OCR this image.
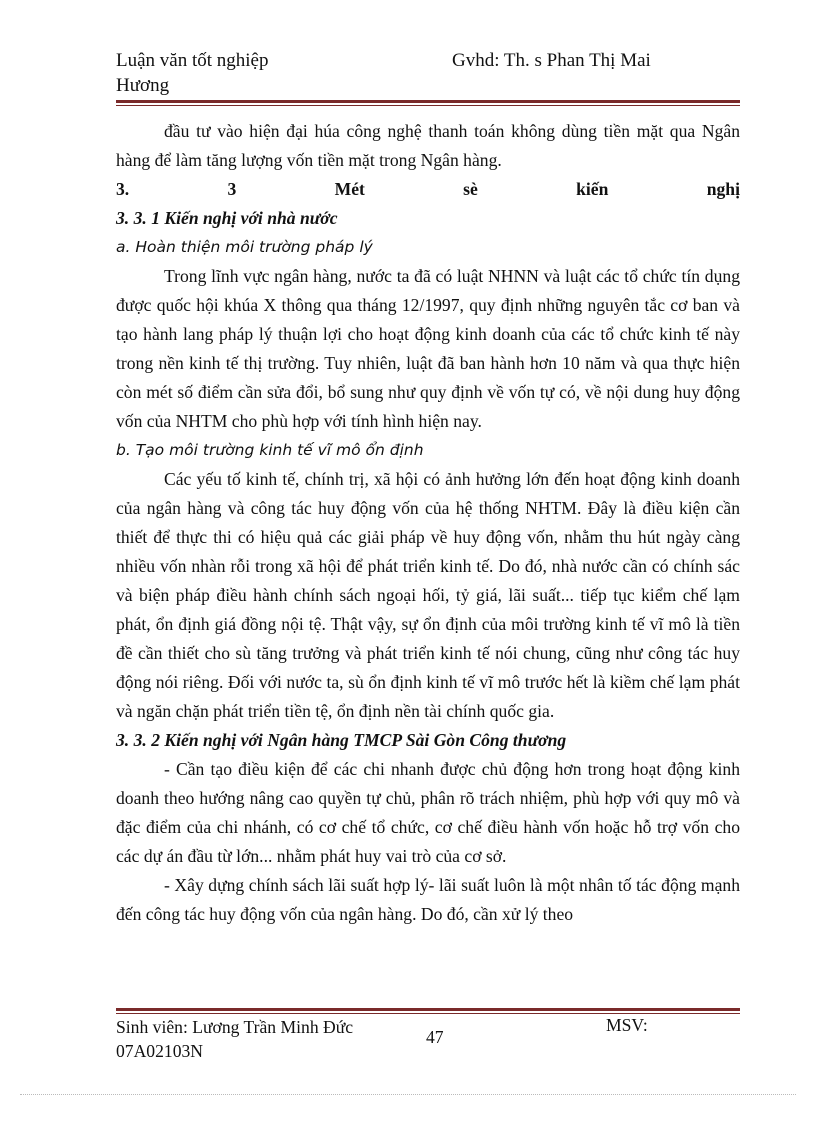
Luận văn tốt nghiệp	Gvhd: Th. s Phan Thị Mai
Hương

đầu tư vào hiện đại húa công nghệ thanh toán không dùng tiền mặt qua Ngân hàng để làm tăng lượng vốn tiền mặt trong Ngân hàng.

3.	3	Mét	sè	kiến	nghị

3. 3. 1 Kiến nghị với nhà nước

a. Hoàn thiện môi trường pháp lý

Trong lĩnh vực ngân hàng, nước ta đã có luật NHNN và luật các tổ chức tín dụng được quốc hội khúa X thông qua tháng 12/1997, quy định những nguyên tắc cơ ban và tạo hành lang pháp lý thuận lợi cho hoạt động kinh doanh của các tổ chức kinh tế này trong nền kinh tế thị trường. Tuy nhiên, luật đã ban hành hơn 10 năm và qua thực hiện còn mét số điểm cần sửa đổi, bổ sung như quy định về vốn tự có, về nội dung huy động vốn của NHTM cho phù hợp với tính hình hiện nay.

b. Tạo môi trường kinh tế vĩ mô ổn định

Các yếu tố kinh tế, chính trị, xã hội có ảnh hưởng lớn đến hoạt động kinh doanh của ngân hàng và công tác huy động vốn của hệ thống NHTM. Đây là điều kiện cần thiết để thực thi có hiệu quả các giải pháp về huy động vốn, nhằm thu hút ngày càng nhiều vốn nhàn rỗi trong xã hội để phát triển kinh tế. Do đó, nhà nước cần có chính sác và biện pháp điều hành chính sách ngoại hối, tỷ giá, lãi suất... tiếp tục kiểm chế lạm phát, ổn định giá đồng nội tệ. Thật vậy, sự ổn định của môi trường kinh tế vĩ mô là tiền đề cần thiết cho sù tăng trưởng và phát triển kinh tế nói chung, cũng như công tác huy động nói riêng. Đối với nước ta, sù ổn định kinh tế vĩ mô trước hết là kiềm chế lạm phát và ngăn chặn phát triển tiền tệ, ổn định nền tài chính quốc gia.

3. 3. 2 Kiến nghị với Ngân hàng TMCP Sài Gòn Công thương

- Cần tạo điều kiện để các chi nhanh được chủ động hơn trong hoạt động kinh doanh theo hướng nâng cao quyền tự chủ, phân rõ trách nhiệm, phù hợp với quy mô và đặc điểm của chi nhánh, có cơ chế tổ chức, cơ chế điều hành vốn hoặc hỗ trợ vốn cho các dự án đầu từ lớn... nhằm phát huy vai trò của cơ sở.

- Xây dựng chính sách lãi suất hợp lý- lãi suất luôn là một nhân tố tác động mạnh đến công tác huy động vốn của ngân hàng. Do đó, cần xử lý theo

Sinh viên: Lương Trần Minh Đức
07A02103N
47
MSV:
